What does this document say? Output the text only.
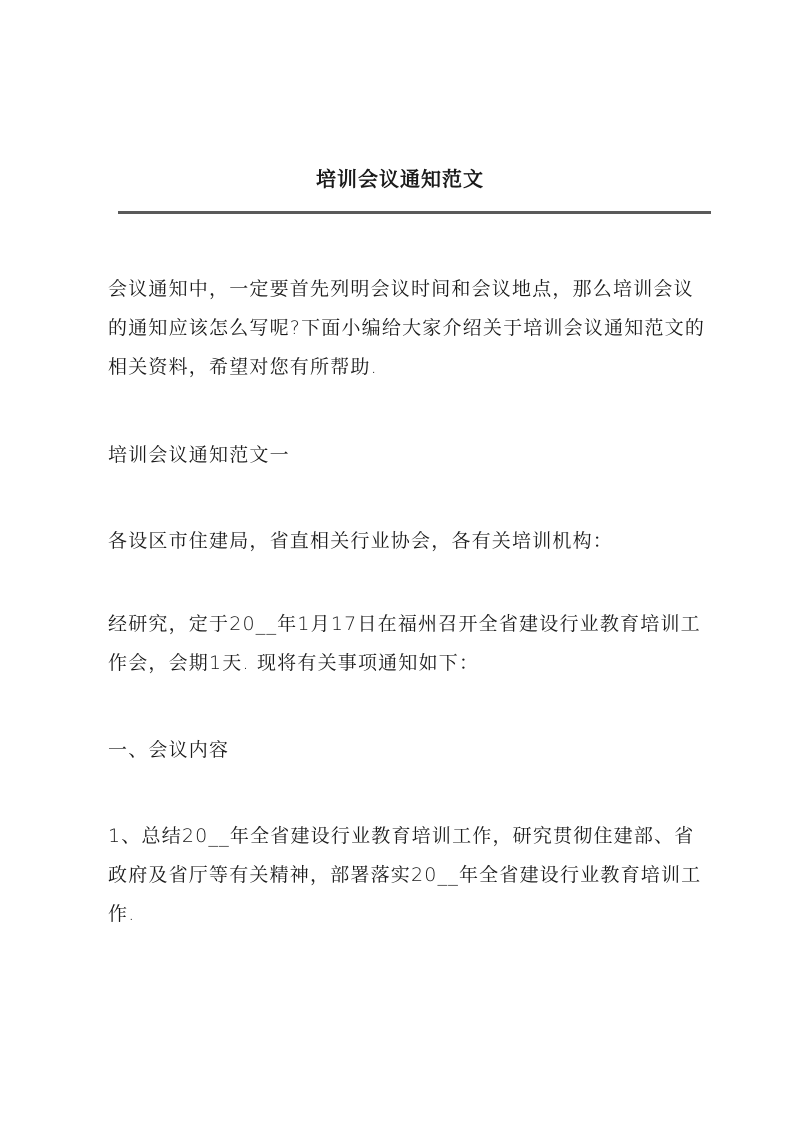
培训会议通知范文

会议通知中，一定要首先列明会议时间和会议地点，那么培训会议的通知应该怎么写呢?下面小编给大家介绍关于培训会议通知范文的相关资料，希望对您有所帮助.

培训会议通知范文一

各设区市住建局，省直相关行业协会，各有关培训机构：

经研究，定于20__年1月17日在福州召开全省建设行业教育培训工作会，会期1天. 现将有关事项通知如下：

一、会议内容

1、总结20__年全省建设行业教育培训工作，研究贯彻住建部、省政府及省厅等有关精神，部署落实20__年全省建设行业教育培训工作.
